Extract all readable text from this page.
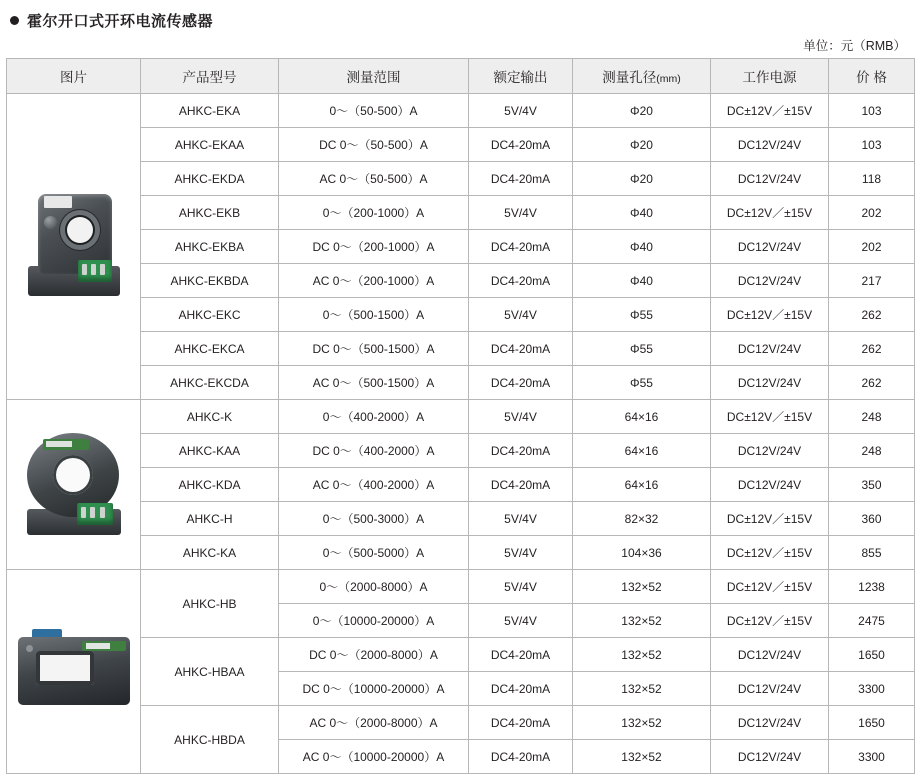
霍尔开口式开环电流传感器
单位：元（RMB）
图片	产品型号	测量范围	额定输出	测量孔径(mm)	工作电源	价 格

	AHKC-EKA	0～（50-500）A	5V/4V	Φ20	DC±12V／±15V	103
	AHKC-EKAA	DC 0～（50-500）A	DC4-20mA	Φ20	DC12V/24V	103
	AHKC-EKDA	AC 0～（50-500）A	DC4-20mA	Φ20	DC12V/24V	118
	AHKC-EKB	0～（200-1000）A	5V/4V	Φ40	DC±12V／±15V	202
	AHKC-EKBA	DC 0～（200-1000）A	DC4-20mA	Φ40	DC12V/24V	202
	AHKC-EKBDA	AC 0～（200-1000）A	DC4-20mA	Φ40	DC12V/24V	217
	AHKC-EKC	0～（500-1500）A	5V/4V	Φ55	DC±12V／±15V	262
	AHKC-EKCA	DC 0～（500-1500）A	DC4-20mA	Φ55	DC12V/24V	262
	AHKC-EKCDA	AC 0～（500-1500）A	DC4-20mA	Φ55	DC12V/24V	262

	AHKC-K	0～（400-2000）A	5V/4V	64×16	DC±12V／±15V	248
	AHKC-KAA	DC 0～（400-2000）A	DC4-20mA	64×16	DC12V/24V	248
	AHKC-KDA	AC 0～（400-2000）A	DC4-20mA	64×16	DC12V/24V	350
	AHKC-H	0～（500-3000）A	5V/4V	82×32	DC±12V／±15V	360
	AHKC-KA	0～（500-5000）A	5V/4V	104×36	DC±12V／±15V	855

	AHKC-HB	0～（2000-8000）A	5V/4V	132×52	DC±12V／±15V	1238
		0～（10000-20000）A	5V/4V	132×52	DC±12V／±15V	2475
	AHKC-HBAA	DC 0～（2000-8000）A	DC4-20mA	132×52	DC12V/24V	1650
		DC 0～（10000-20000）A	DC4-20mA	132×52	DC12V/24V	3300
	AHKC-HBDA	AC 0～（2000-8000）A	DC4-20mA	132×52	DC12V/24V	1650
		AC 0～（10000-20000）A	DC4-20mA	132×52	DC12V/24V	3300
